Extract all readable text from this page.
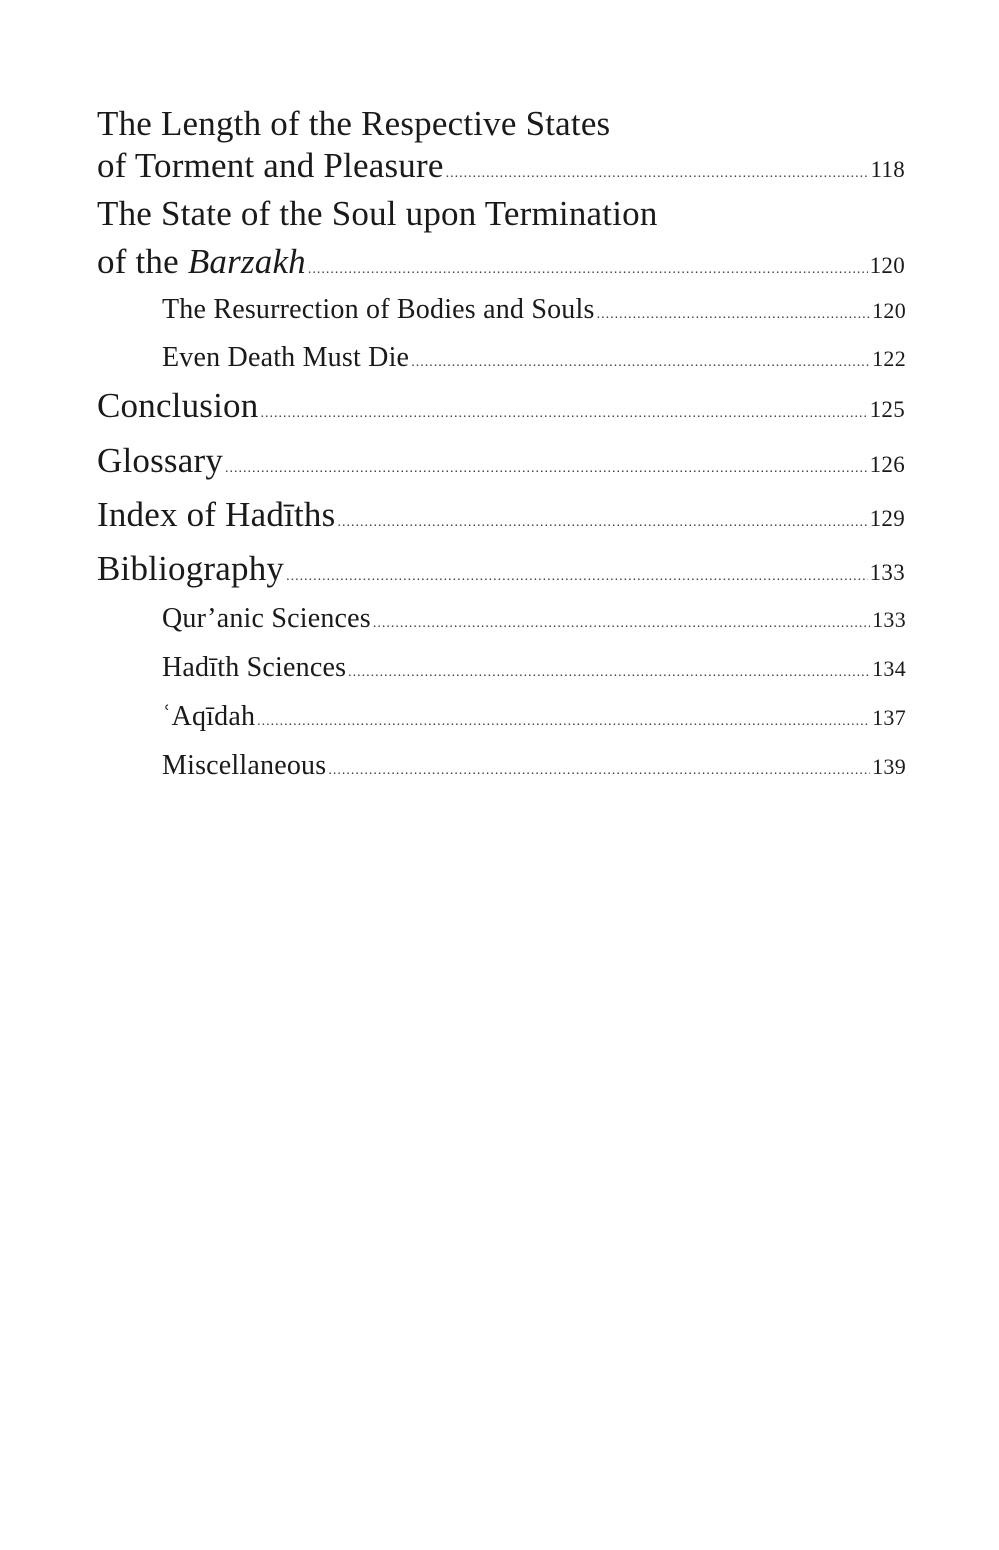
The Length of the Respective States
of Torment and Pleasure .....	118
The State of the Soul upon Termination
of the Barzakh .....	120
The Resurrection of Bodies and Souls .....	120
Even Death Must Die .....	122
Conclusion .....	125
Glossary .....	126
Index of Hadīths .....	129
Bibliography .....	133
Qur’anic Sciences .....	133
Hadīth Sciences .....	134
ʿAqīdah .....	137
Miscellaneous .....	139
